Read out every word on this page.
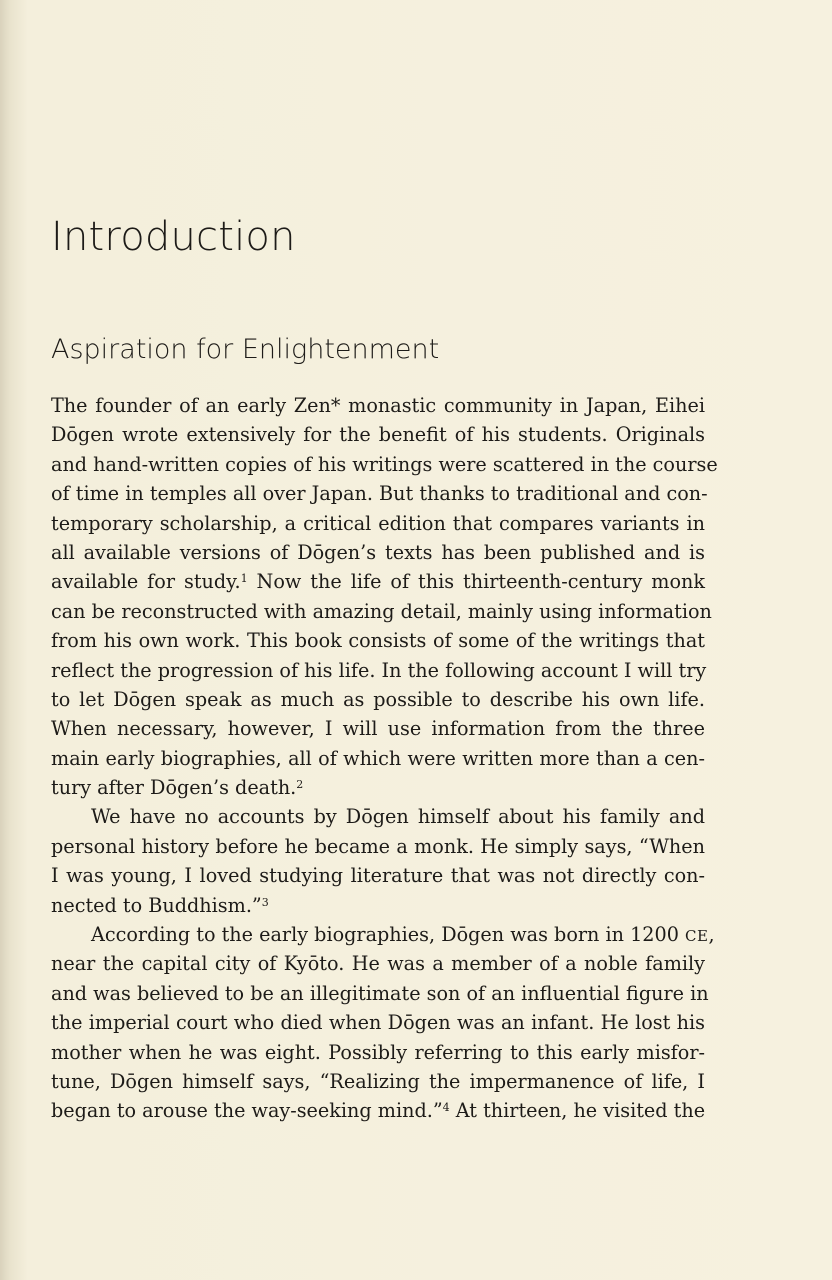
Introduction
Aspiration for Enlightenment
The founder of an early Zen* monastic community in Japan, Eihei
Dōgen wrote extensively for the benefit of his students. Originals
and hand-written copies of his writings were scattered in the course
of time in temples all over Japan. But thanks to traditional and con-
temporary scholarship, a critical edition that compares variants in
all available versions of Dōgen’s texts has been published and is
available for study.$^1$ Now the life of this thirteenth-century monk
can be reconstructed with amazing detail, mainly using information
from his own work. This book consists of some of the writings that
reflect the progression of his life. In the following account I will try
to let Dōgen speak as much as possible to describe his own life.
When necessary, however, I will use information from the three
main early biographies, all of which were written more than a cen-
tury after Dōgen’s death.$^2$
We have no accounts by Dōgen himself about his family and
personal history before he became a monk. He simply says, “When
I was young, I loved studying literature that was not directly con-
nected to Buddhism.”$^3$
According to the early biographies, Dōgen was born in 1200 CE,
near the capital city of Kyōto. He was a member of a noble family
and was believed to be an illegitimate son of an influential figure in
the imperial court who died when Dōgen was an infant. He lost his
mother when he was eight. Possibly referring to this early misfor-
tune, Dōgen himself says, “Realizing the impermanence of life, I
began to arouse the way-seeking mind.”$^4$ At thirteen, he visited the
